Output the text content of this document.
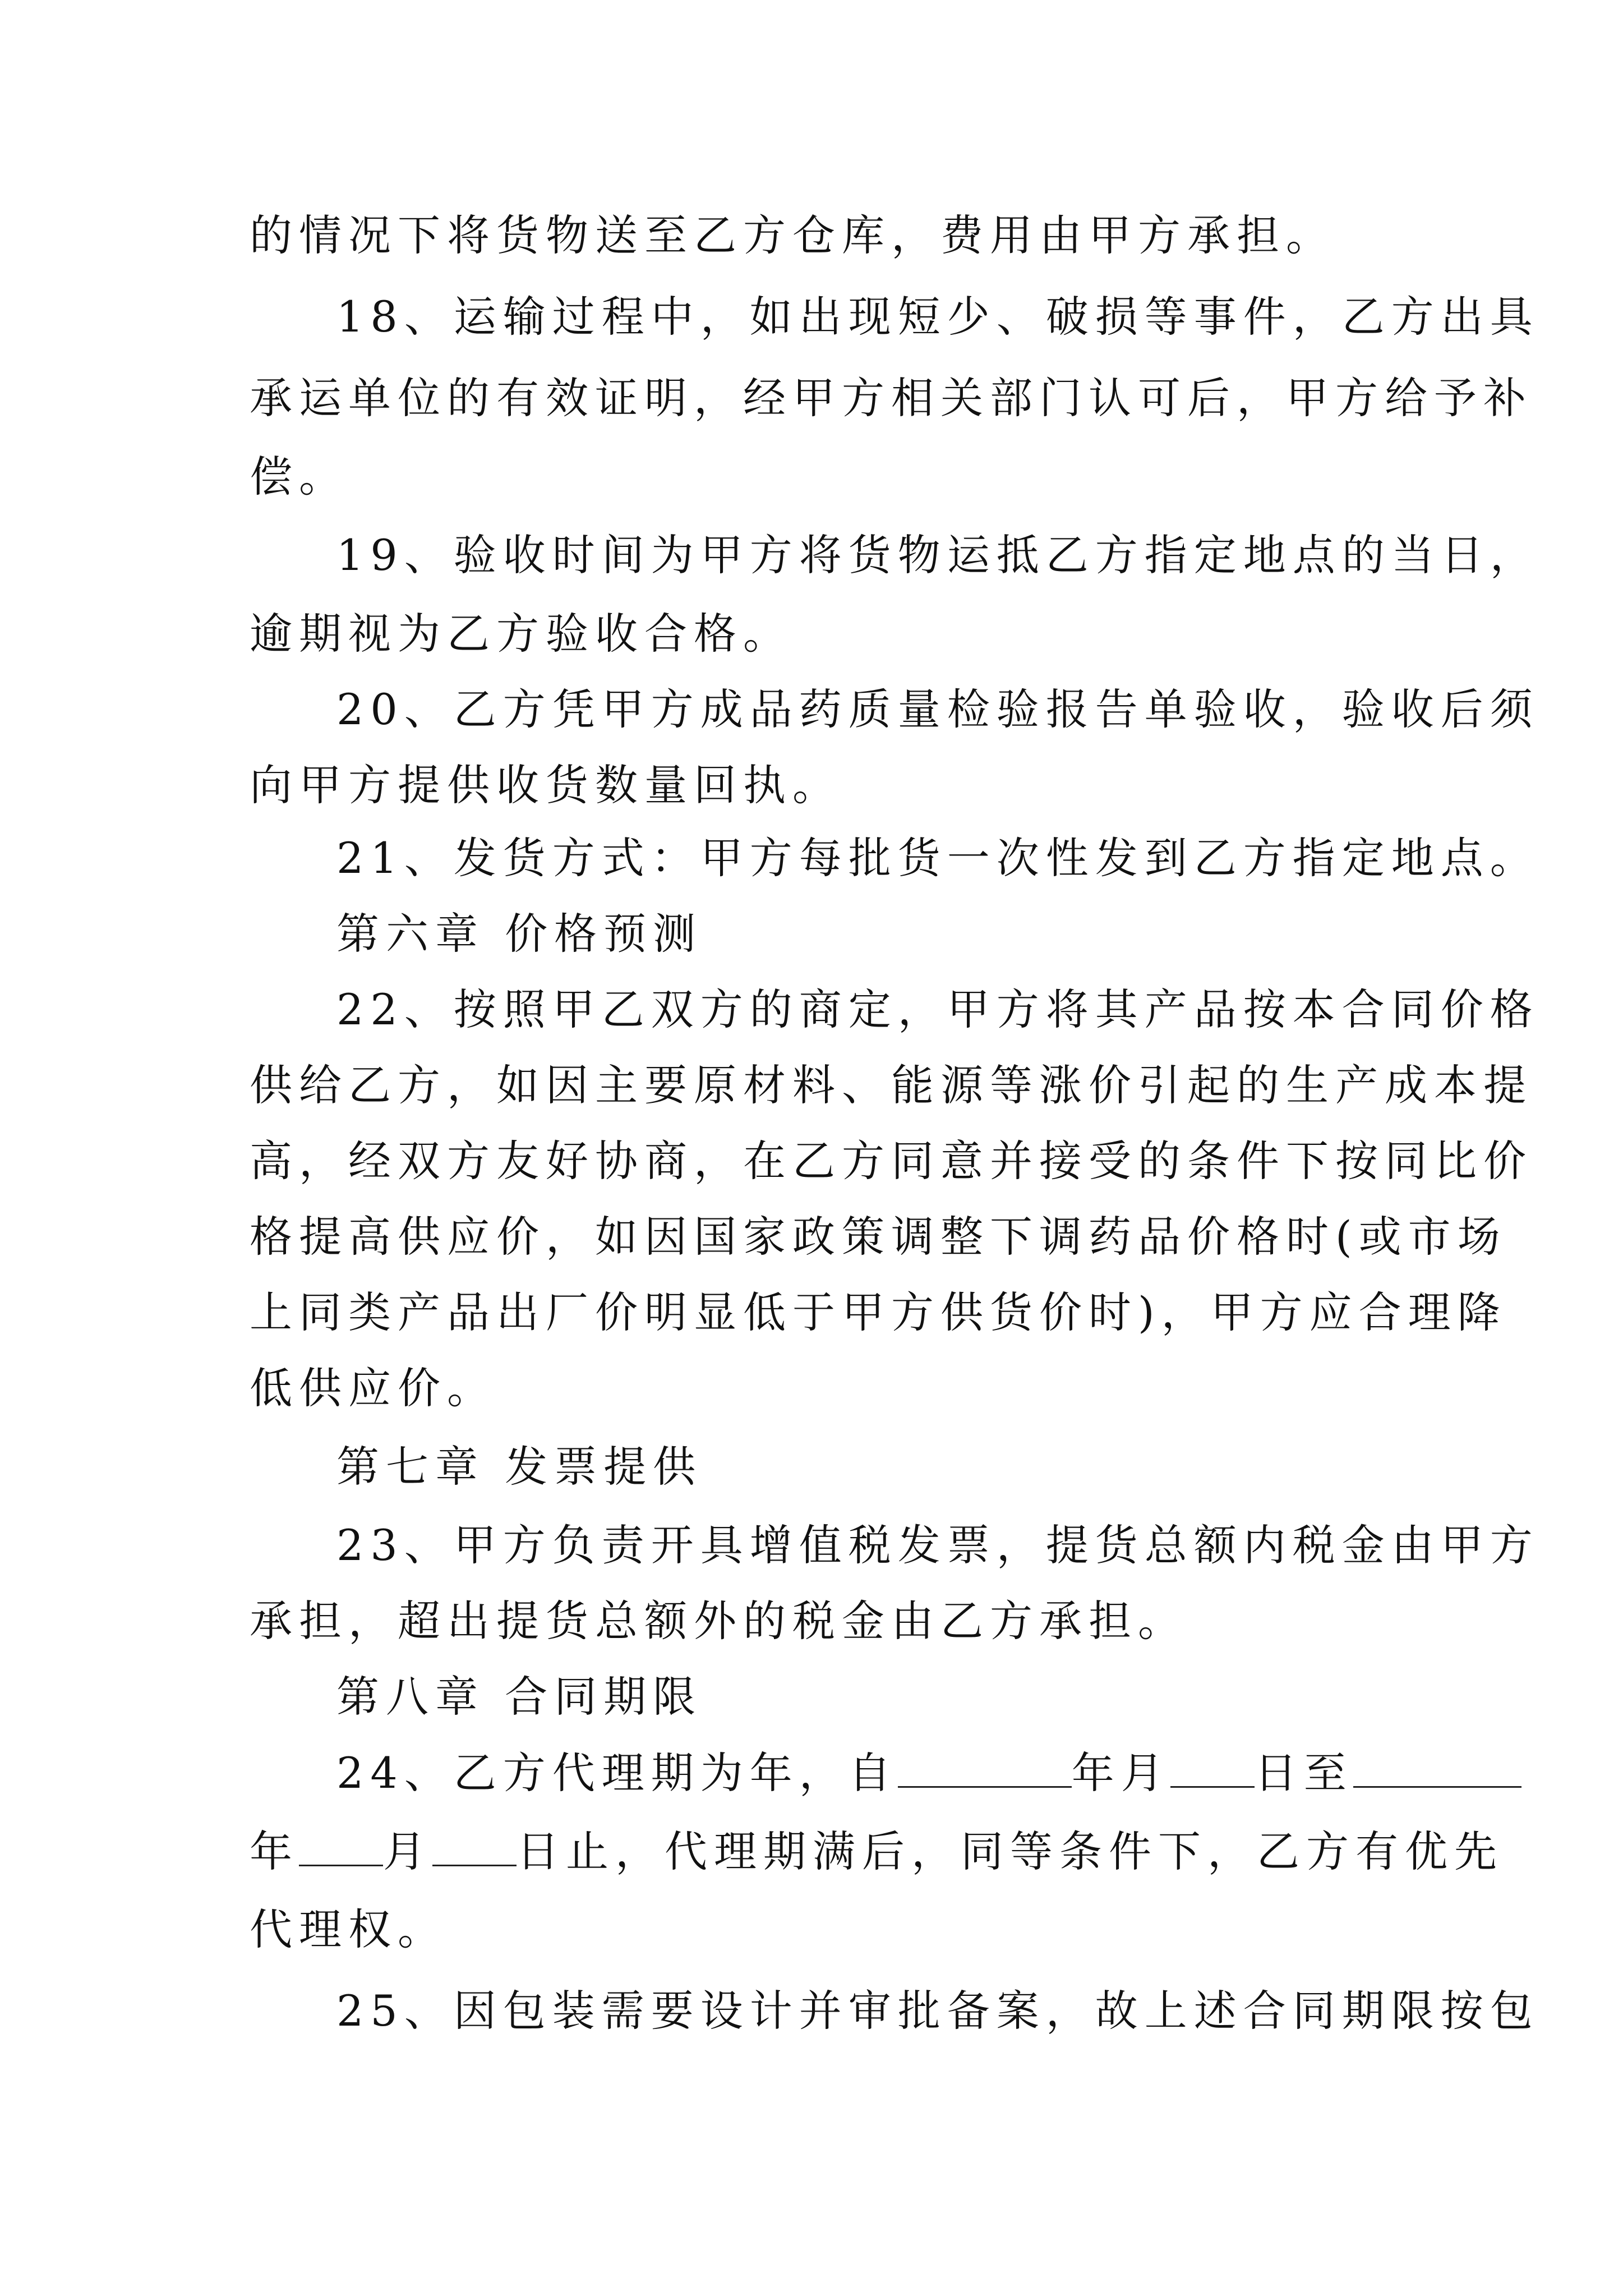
的情况下将货物送至乙方仓库，费用由甲方承担。
18、运输过程中，如出现短少、破损等事件，乙方出具
承运单位的有效证明，经甲方相关部门认可后，甲方给予补
偿。
19、验收时间为甲方将货物运抵乙方指定地点的当日，
逾期视为乙方验收合格。
20、乙方凭甲方成品药质量检验报告单验收，验收后须
向甲方提供收货数量回执。
21、发货方式：甲方每批货一次性发到乙方指定地点。
第六章 价格预测
22、按照甲乙双方的商定，甲方将其产品按本合同价格
供给乙方，如因主要原材料、能源等涨价引起的生产成本提
高，经双方友好协商，在乙方同意并接受的条件下按同比价
格提高供应价，如因国家政策调整下调药品价格时(或市场
上同类产品出厂价明显低于甲方供货价时)，甲方应合理降
低供应价。
第七章 发票提供
23、甲方负责开具增值税发票，提货总额内税金由甲方
承担，超出提货总额外的税金由乙方承担。
第八章 合同期限
24、乙方代理期为年，自	年月 日至
年 月 日止，代理期满后，同等条件下，乙方有优先
代理权。
25、因包装需要设计并审批备案，故上述合同期限按包
